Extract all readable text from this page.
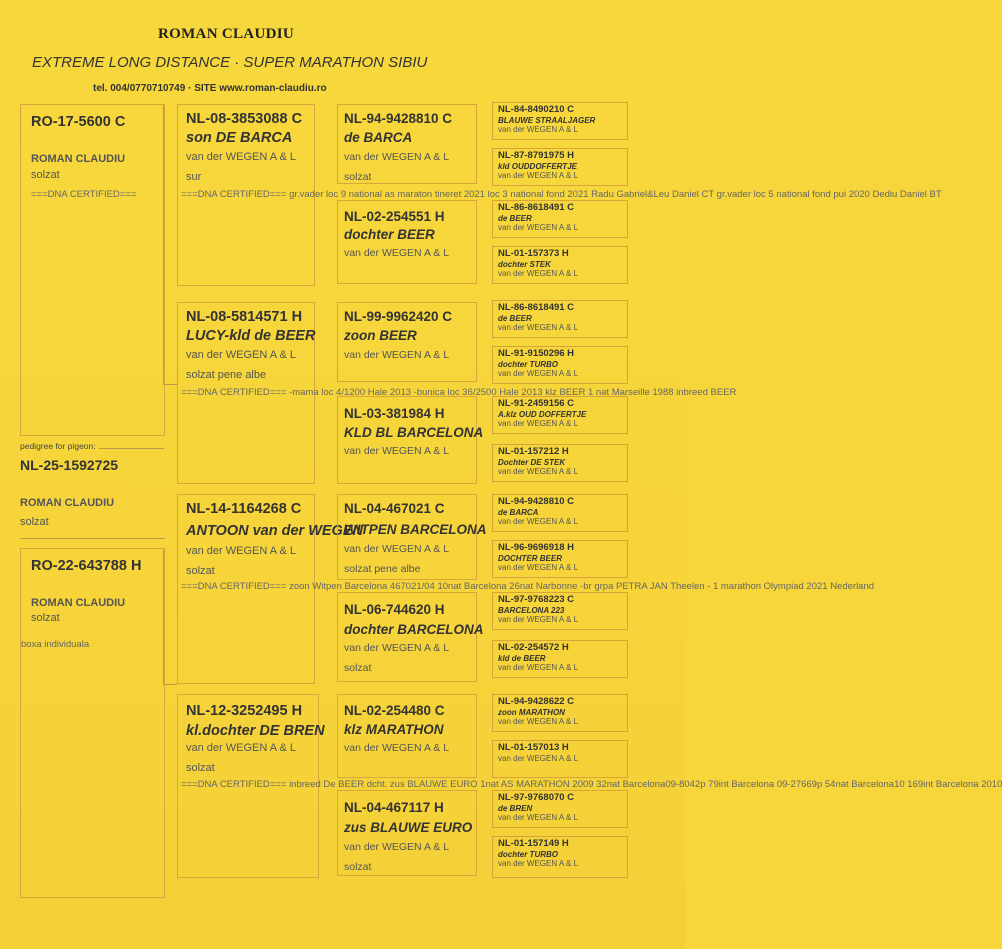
ROMAN CLAUDIU
EXTREME LONG DISTANCE · SUPER MARATHON SIBIU
tel. 004/0770710749 · SITE www.roman-claudiu.ro
RO-17-5600 C
ROMAN CLAUDIU
solzat
===DNA CERTIFIED===
pedigree for pigeon:
NL-25-1592725
ROMAN CLAUDIU
solzat
RO-22-643788 H
ROMAN CLAUDIU
solzat
boxa individuala
NL-08-3853088 C
son DE BARCA
van der WEGEN A & L
sur
===DNA CERTIFIED=== gr.vader loc 9 national as maraton tineret 2021 loc 3 national fond 2021 Radu Gabriel&Leu Daniel CT gr.vader loc 5 national fond pui 2020 Dediu Daniel BT
NL-08-5814571 H
LUCY-kld de BEER
van der WEGEN A & L
solzat pene albe
===DNA CERTIFIED=== -mama loc 4/1200 Hale 2013 -bunica loc 36/2500 Hale 2013 klz BEER 1 nat Marseille 1988 inbreed BEER
NL-14-1164268 C
ANTOON van der WEGEN
van der WEGEN A & L
solzat
===DNA CERTIFIED=== zoon Witpen Barcelona 467021/04 10nat Barcelona 26nat Narbonne -br grpa PETRA JAN Theelen - 1 marathon Olympiad 2021 Nederland
NL-12-3252495 H
kl.dochter DE BREN
van der WEGEN A & L
solzat
===DNA CERTIFIED=== inbreed De BEER dcht. zus BLAUWE EURO 1nat AS MARATHON 2009 32nat Barcelona09-8042p 79int Barcelona 09-27669p 54nat Barcelona10 169int Barcelona 2010
NL-94-9428810 C
de BARCA
van der WEGEN A & L
solzat
NL-02-254551 H
dochter BEER
van der WEGEN A & L
NL-99-9962420 C
zoon BEER
van der WEGEN A & L
NL-03-381984 H
KLD BL BARCELONA
van der WEGEN A & L
NL-04-467021 C
WITPEN BARCELONA
van der WEGEN A & L
solzat pene albe
NL-06-744620 H
dochter BARCELONA
van der WEGEN A & L
solzat
NL-02-254480 C
klz MARATHON
van der WEGEN A & L
NL-04-467117 H
zus BLAUWE EURO
van der WEGEN A & L
solzat
NL-84-8490210 C
BLAUWE STRAALJAGER
van der WEGEN A & L
NL-87-8791975 H
kld OUDDOFFERTJE
van der WEGEN A & L
NL-86-8618491 C
de BEER
van der WEGEN A & L
NL-01-157373 H
dochter STEK
van der WEGEN A & L
NL-86-8618491 C
de BEER
van der WEGEN A & L
NL-91-9150296 H
dochter TURBO
van der WEGEN A & L
NL-91-2459156 C
A.klz OUD DOFFERTJE
van der WEGEN A & L
NL-01-157212 H
Dochter DE STEK
van der WEGEN A & L
NL-94-9428810 C
de BARCA
van der WEGEN A & L
NL-96-9696918 H
DOCHTER BEER
van der WEGEN A & L
NL-97-9768223 C
BARCELONA 223
van der WEGEN A & L
NL-02-254572 H
kld de BEER
van der WEGEN A & L
NL-94-9428622 C
zoon MARATHON
van der WEGEN A & L
NL-01-157013 H
van der WEGEN A & L
NL-97-9768070 C
de BREN
van der WEGEN A & L
NL-01-157149 H
dochter TURBO
van der WEGEN A & L
